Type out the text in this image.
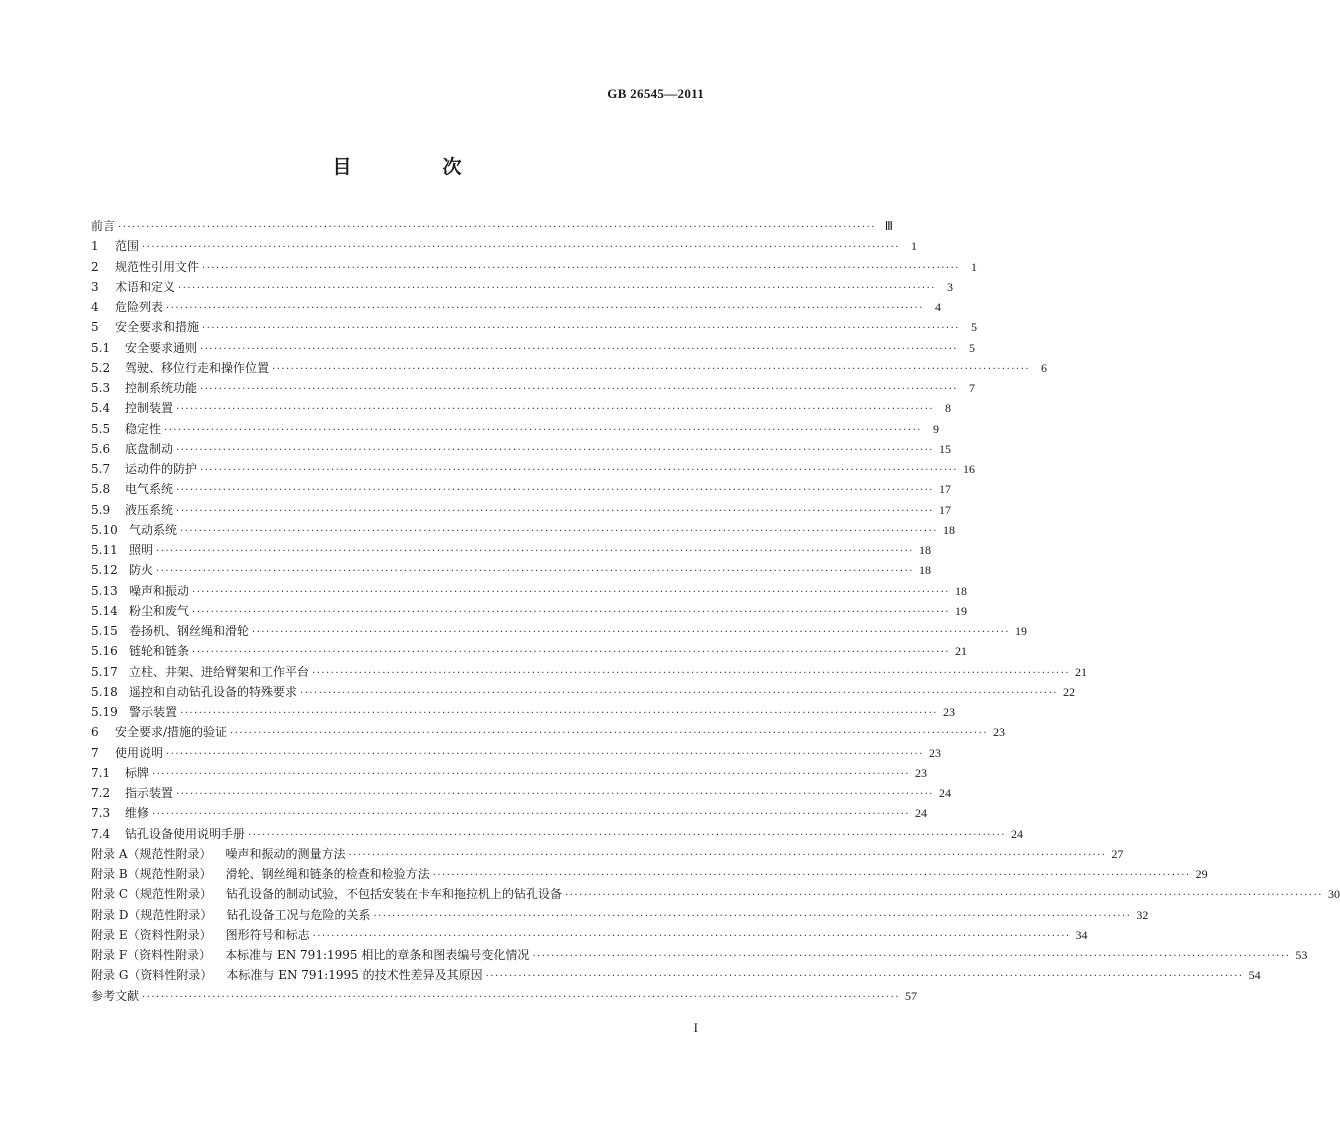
GB 26545—2011
目　次
前言 ·····	Ⅲ
1	范围 ·····	1
2	规范性引用文件 ·····	1
3	术语和定义 ·····	3
4	危险列表 ·····	4
5	安全要求和措施 ·····	5
5.1	安全要求通则 ·····	5
5.2	驾驶、移位行走和操作位置 ·····	6
5.3	控制系统功能 ·····	7
5.4	控制装置 ·····	8
5.5	稳定性 ·····	9
5.6	底盘制动 ·····	15
5.7	运动件的防护 ·····	16
5.8	电气系统 ·····	17
5.9	液压系统 ·····	17
5.10 气动系统 ·····	18
5.11 照明 ·····	18
5.12 防火 ·····	18
5.13 噪声和振动 ·····	18
5.14 粉尘和废气 ·····	19
5.15 卷扬机、钢丝绳和滑轮 ·····	19
5.16 链轮和链条 ·····	21
5.17 立柱、井架、进给臂架和工作平台 ·····	21
5.18 遥控和自动钻孔设备的特殊要求 ·····	22
5.19 警示装置 ·····	23
6	安全要求/措施的验证 ·····	23
7	使用说明 ·····	23
7.1	标牌 ·····	23
7.2	指示装置 ·····	24
7.3	维修 ·····	24
7.4	钻孔设备使用说明手册 ·····	24
附录 A（规范性附录） 噪声和振动的测量方法 ·····	27
附录 B（规范性附录） 滑轮、钢丝绳和链条的检查和检验方法 ·····	29
附录 C（规范性附录） 钻孔设备的制动试验，不包括安装在卡车和拖拉机上的钻孔设备 ·····	30
附录 D（规范性附录） 钻孔设备工况与危险的关系 ·····	32
附录 E（资料性附录） 图形符号和标志 ·····	34
附录 F（资料性附录） 本标准与 EN 791:1995 相比的章条和图表编号变化情况 ·····	53
附录 G（资料性附录） 本标准与 EN 791:1995 的技术性差异及其原因 ·····	54
参考文献 ·····	57
I
